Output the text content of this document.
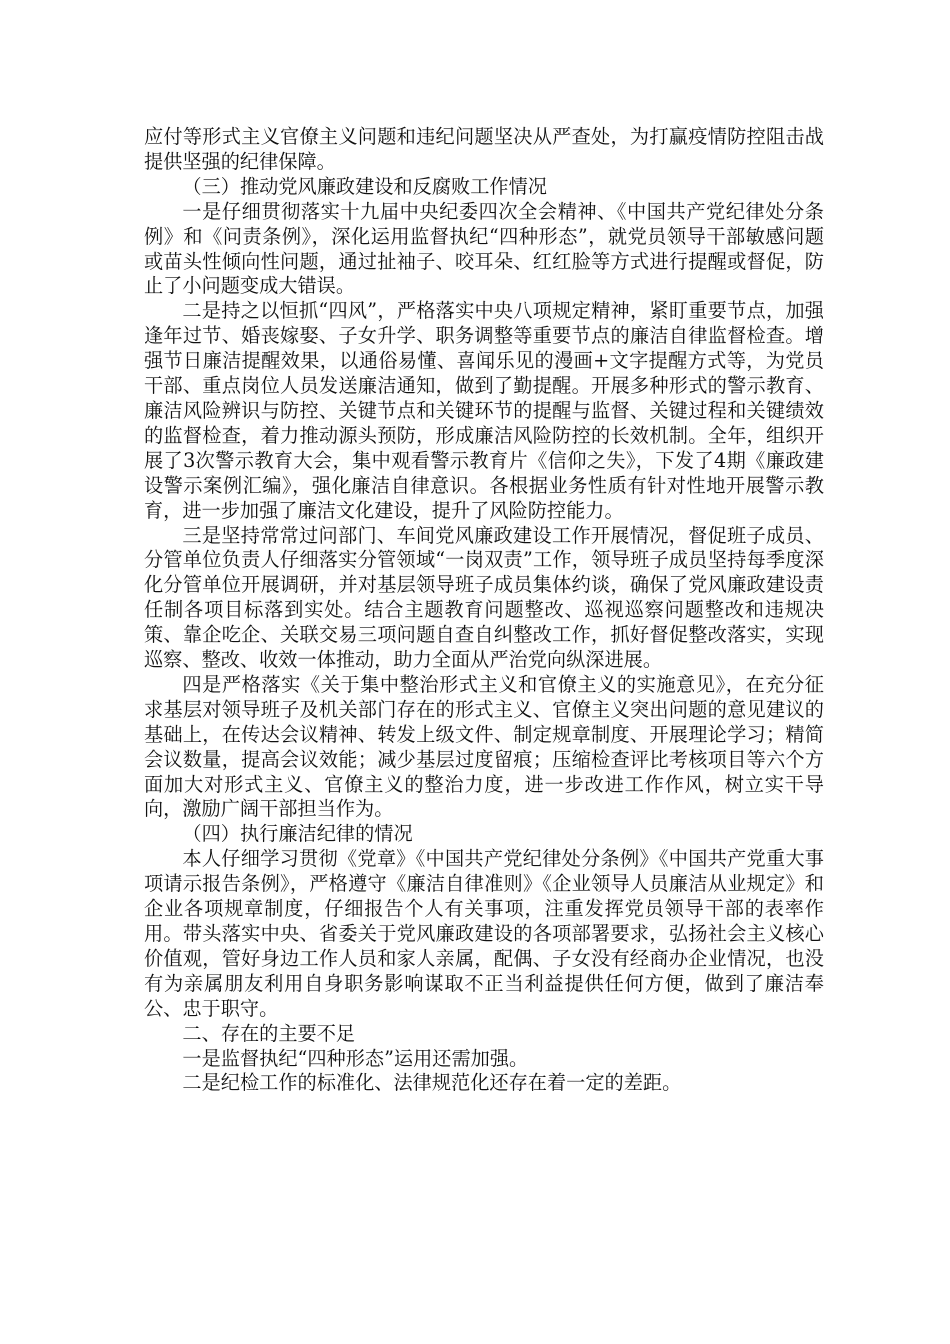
应付等形式主义官僚主义问题和违纪问题坚决从严查处，为打赢疫情防控阻击战提供坚强的纪律保障。

（三）推动党风廉政建设和反腐败工作情况

一是仔细贯彻落实十九届中央纪委四次全会精神、《中国共产党纪律处分条例》和《问责条例》，深化运用监督执纪“四种形态”，就党员领导干部敏感问题或苗头性倾向性问题，通过扯袖子、咬耳朵、红红脸等方式进行提醒或督促，防止了小问题变成大错误。

二是持之以恒抓“四风”，严格落实中央八项规定精神，紧盯重要节点，加强逢年过节、婚丧嫁娶、子女升学、职务调整等重要节点的廉洁自律监督检查。增强节日廉洁提醒效果，以通俗易懂、喜闻乐见的漫画+文字提醒方式等，为党员干部、重点岗位人员发送廉洁通知，做到了勤提醒。开展多种形式的警示教育、廉洁风险辨识与防控、关键节点和关键环节的提醒与监督、关键过程和关键绩效的监督检查，着力推动源头预防，形成廉洁风险防控的长效机制。全年，组织开展了3次警示教育大会，集中观看警示教育片《信仰之失》，下发了4期《廉政建设警示案例汇编》，强化廉洁自律意识。各根据业务性质有针对性地开展警示教育，进一步加强了廉洁文化建设，提升了风险防控能力。

三是坚持常常过问部门、车间党风廉政建设工作开展情况，督促班子成员、分管单位负责人仔细落实分管领域“一岗双责”工作，领导班子成员坚持每季度深化分管单位开展调研，并对基层领导班子成员集体约谈，确保了党风廉政建设责任制各项目标落到实处。结合主题教育问题整改、巡视巡察问题整改和违规决策、靠企吃企、关联交易三项问题自查自纠整改工作，抓好督促整改落实，实现巡察、整改、收效一体推动，助力全面从严治党向纵深进展。

四是严格落实《关于集中整治形式主义和官僚主义的实施意见》，在充分征求基层对领导班子及机关部门存在的形式主义、官僚主义突出问题的意见建议的基础上，在传达会议精神、转发上级文件、制定规章制度、开展理论学习；精简会议数量，提高会议效能；减少基层过度留痕；压缩检查评比考核项目等六个方面加大对形式主义、官僚主义的整治力度，进一步改进工作作风，树立实干导向，激励广阔干部担当作为。

（四）执行廉洁纪律的情况

本人仔细学习贯彻《党章》《中国共产党纪律处分条例》《中国共产党重大事项请示报告条例》，严格遵守《廉洁自律准则》《企业领导人员廉洁从业规定》和企业各项规章制度，仔细报告个人有关事项，注重发挥党员领导干部的表率作用。带头落实中央、省委关于党风廉政建设的各项部署要求，弘扬社会主义核心价值观，管好身边工作人员和家人亲属，配偶、子女没有经商办企业情况，也没有为亲属朋友利用自身职务影响谋取不正当利益提供任何方便，做到了廉洁奉公、忠于职守。

二、存在的主要不足

一是监督执纪“四种形态”运用还需加强。

二是纪检工作的标准化、法律规范化还存在着一定的差距。
